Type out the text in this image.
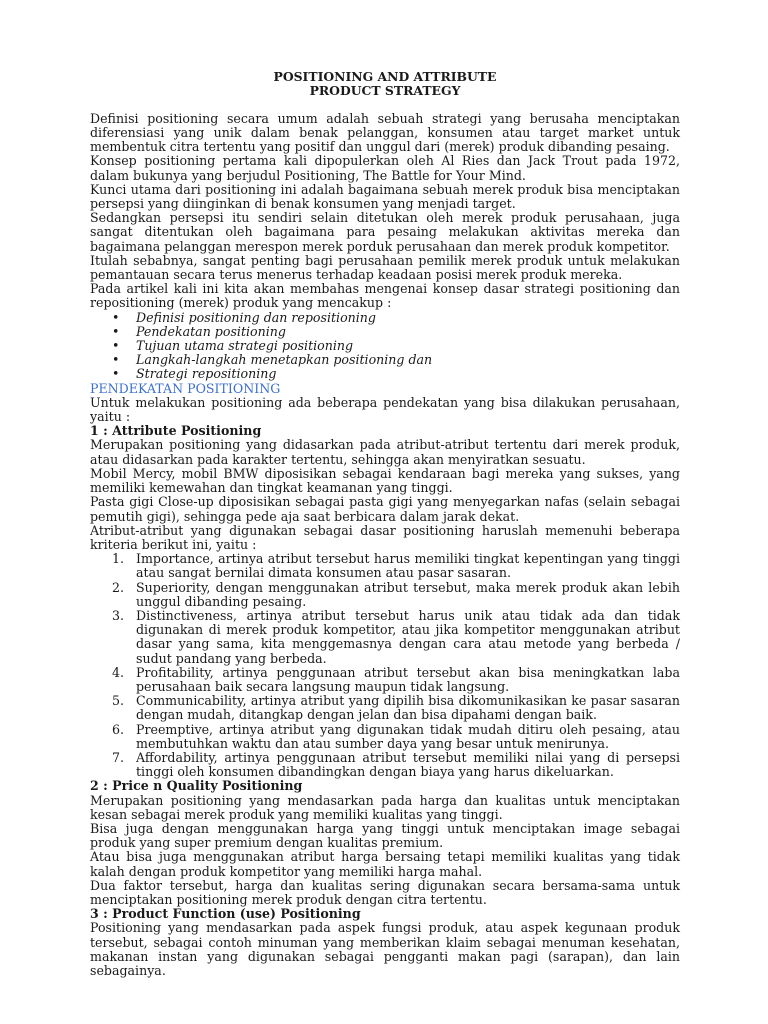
POSITIONING AND ATTRIBUTE
PRODUCT STRATEGY

Definisi positioning secara umum adalah sebuah strategi yang berusaha menciptakan diferensiasi yang unik dalam benak pelanggan, konsumen atau target market untuk membentuk citra tertentu yang positif dan unggul dari (merek) produk dibanding pesaing.

Konsep positioning pertama kali dipopulerkan oleh Al Ries dan Jack Trout pada 1972, dalam bukunya yang berjudul Positioning, The Battle for Your Mind.

Kunci utama dari positioning ini adalah bagaimana sebuah merek produk bisa menciptakan persepsi yang diinginkan di benak konsumen yang menjadi target.

Sedangkan persepsi itu sendiri selain ditetukan oleh merek produk perusahaan, juga sangat ditentukan oleh bagaimana para pesaing melakukan aktivitas mereka dan bagaimana pelanggan merespon merek porduk perusahaan dan merek produk kompetitor.

Itulah sebabnya, sangat penting bagi perusahaan pemilik merek produk untuk melakukan pemantauan secara terus menerus terhadap keadaan posisi merek produk mereka.

Pada artikel kali ini kita akan membahas mengenai konsep dasar strategi positioning dan repositioning (merek) produk yang mencakup :

• Definisi positioning dan repositioning
• Pendekatan positioning
• Tujuan utama strategi positioning
• Langkah-langkah menetapkan positioning dan
• Strategi repositioning
PENDEKATAN POSITIONING

Untuk melakukan positioning ada beberapa pendekatan yang bisa dilakukan perusahaan, yaitu :

1 : Attribute Positioning

Merupakan positioning yang didasarkan pada atribut-atribut tertentu dari merek produk, atau didasarkan pada karakter tertentu, sehingga akan menyiratkan sesuatu.

Mobil Mercy, mobil BMW diposisikan sebagai kendaraan bagi mereka yang sukses, yang memiliki kemewahan dan tingkat keamanan yang tinggi.

Pasta gigi Close-up diposisikan sebagai pasta gigi yang menyegarkan nafas (selain sebagai pemutih gigi), sehingga pede aja saat berbicara dalam jarak dekat.

Atribut-atribut yang digunakan sebagai dasar positioning haruslah memenuhi beberapa kriteria berikut ini, yaitu :

1. Importance, artinya atribut tersebut harus memiliki tingkat kepentingan yang tinggi atau sangat bernilai dimata konsumen atau pasar sasaran.
2. Superiority, dengan menggunakan atribut tersebut, maka merek produk akan lebih unggul dibanding pesaing.
3. Distinctiveness, artinya atribut tersebut harus unik atau tidak ada dan tidak digunakan di merek produk kompetitor, atau jika kompetitor menggunakan atribut dasar yang sama, kita menggemasnya dengan cara atau metode yang berbeda / sudut pandang yang berbeda.
4. Profitability, artinya penggunaan atribut tersebut akan bisa meningkatkan laba perusahaan baik secara langsung maupun tidak langsung.
5. Communicability, artinya atribut yang dipilih bisa dikomunikasikan ke pasar sasaran dengan mudah, ditangkap dengan jelan dan bisa dipahami dengan baik.
6. Preemptive, artinya atribut yang digunakan tidak mudah ditiru oleh pesaing, atau membutuhkan waktu dan atau sumber daya yang besar untuk menirunya.
7. Affordability, artinya penggunaan atribut tersebut memiliki nilai yang di persepsi tinggi oleh konsumen dibandingkan dengan biaya yang harus dikeluarkan.
2 : Price n Quality Positioning

Merupakan positioning yang mendasarkan pada harga dan kualitas untuk menciptakan kesan sebagai merek produk yang memiliki kualitas yang tinggi.

Bisa juga dengan menggunakan harga yang tinggi untuk menciptakan image sebagai produk yang super premium dengan kualitas premium.

Atau bisa juga menggunakan atribut harga bersaing tetapi memiliki kualitas yang tidak kalah dengan produk kompetitor yang memiliki harga mahal.

Dua faktor tersebut, harga dan kualitas sering digunakan secara bersama-sama untuk menciptakan positioning merek produk dengan citra tertentu.

3 : Product Function (use) Positioning

Positioning yang mendasarkan pada aspek fungsi produk, atau aspek kegunaan produk tersebut, sebagai contoh minuman yang memberikan klaim sebagai menuman kesehatan, makanan instan yang digunakan sebagai pengganti makan pagi (sarapan), dan lain sebagainya.
